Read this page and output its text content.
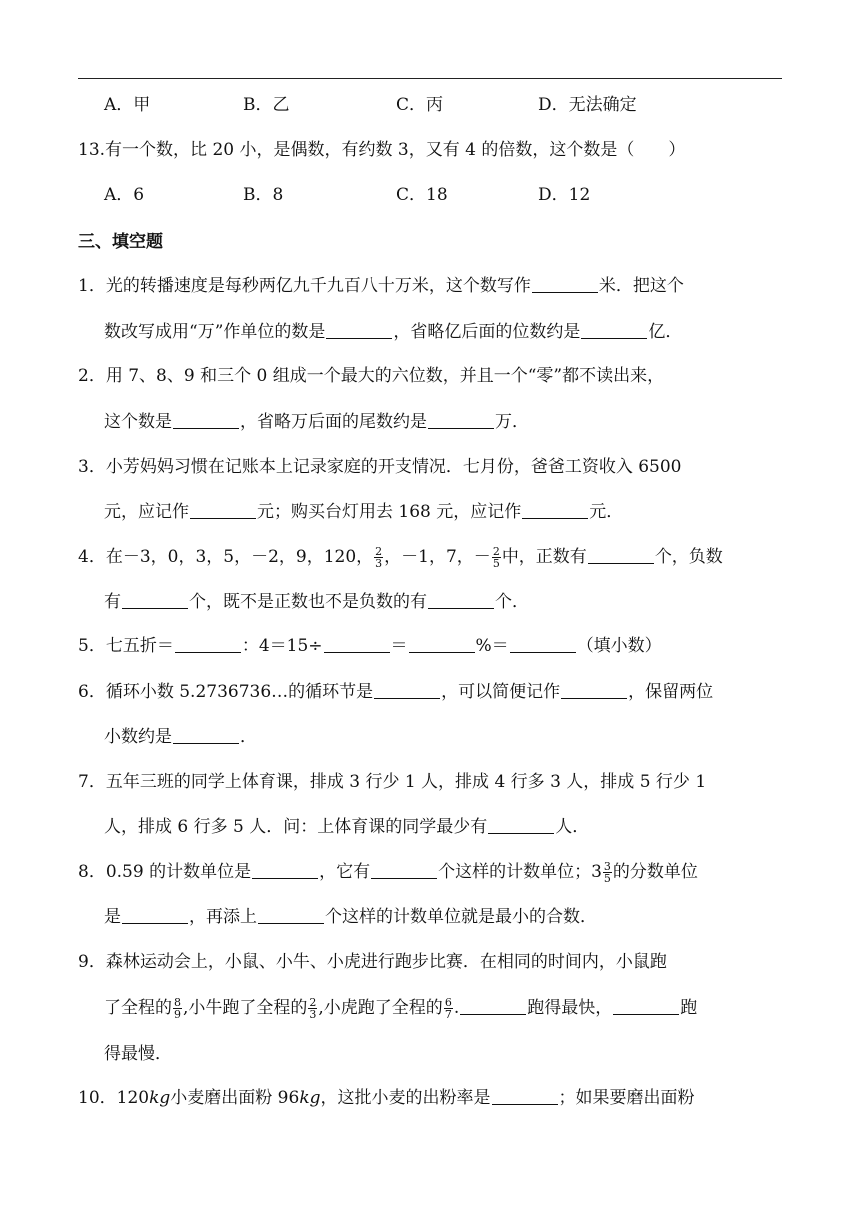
A．甲	B．乙	C．丙	D．无法确定
13.有一个数，比 20 小，是偶数，有约数 3，又有 4 的倍数，这个数是（　　）
A．6	B．8	C．18	D．12
三、填空题
1．光的转播速度是每秒两亿九千九百八十万米，这个数写作	米．把这个
数改写成用“万”作单位的数是	，省略亿后面的位数约是	亿．
2．用 7、8、9 和三个 0 组成一个最大的六位数，并且一个“零”都不读出来，
这个数是	，省略万后面的尾数约是	万．
3．小芳妈妈习惯在记账本上记录家庭的开支情况．七月份，爸爸工资收入 6500
元，应记作	元；购买台灯用去 168 元，应记作	元．
4．在－3，0，3，5，－2，9，120， $\frac{2}{3}$ ，－1，7，－ $\frac{2}{5}$ 中，正数有	个，负数
有	个，既不是正数也不是负数的有	个．
5．七五折＝	：4＝15÷	＝	%＝	（填小数）
6．循环小数 5.2736736…的循环节是	，可以简便记作	，保留两位
小数约是	．
7．五年三班的同学上体育课，排成 3 行少 1 人，排成 4 行多 3 人，排成 5 行少 1
人，排成 6 行多 5 人．问：上体育课的同学最少有	人．
8．0.59 的计数单位是	，它有	个这样的计数单位；$3 \frac{3}{5}$ 的分数单位
是	，再添上	个这样的计数单位就是最小的合数．
9．森林运动会上，小鼠、小牛、小虎进行跑步比赛．在相同的时间内，小鼠跑
了全程的 $\frac{8}{9}$ ,小牛跑了全程的 $\frac{2}{3}$ ,小虎跑了全程的 $\frac{6}{7}$ .	跑得最快，	跑
得最慢．
10．120kg小麦磨出面粉 96kg，这批小麦的出粉率是	；如果要磨出面粉
